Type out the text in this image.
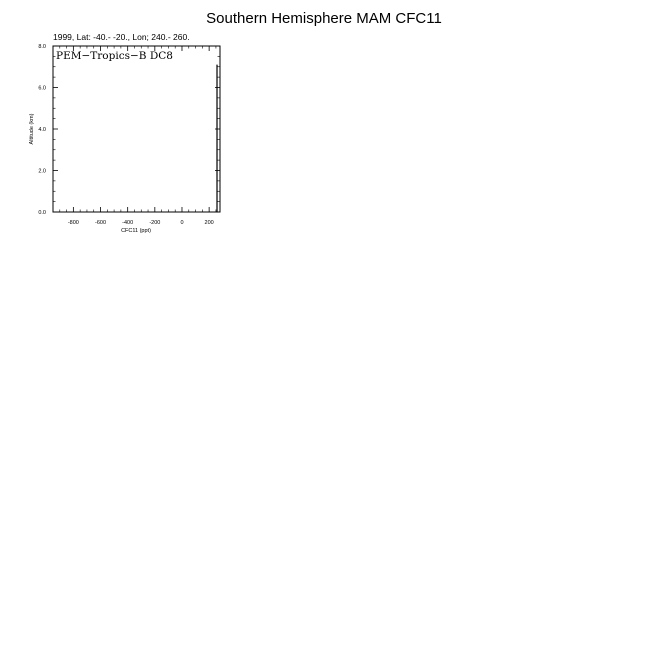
Southern Hemisphere MAM CFC11
1999, Lat: -40.- -20., Lon; 240.- 260.
PEM−Tropics−B DC8
-800	-600	-400	-200	0	200
0.0
2.0
4.0
6.0
8.0
CFC11 (ppt)
Altitude (km)
